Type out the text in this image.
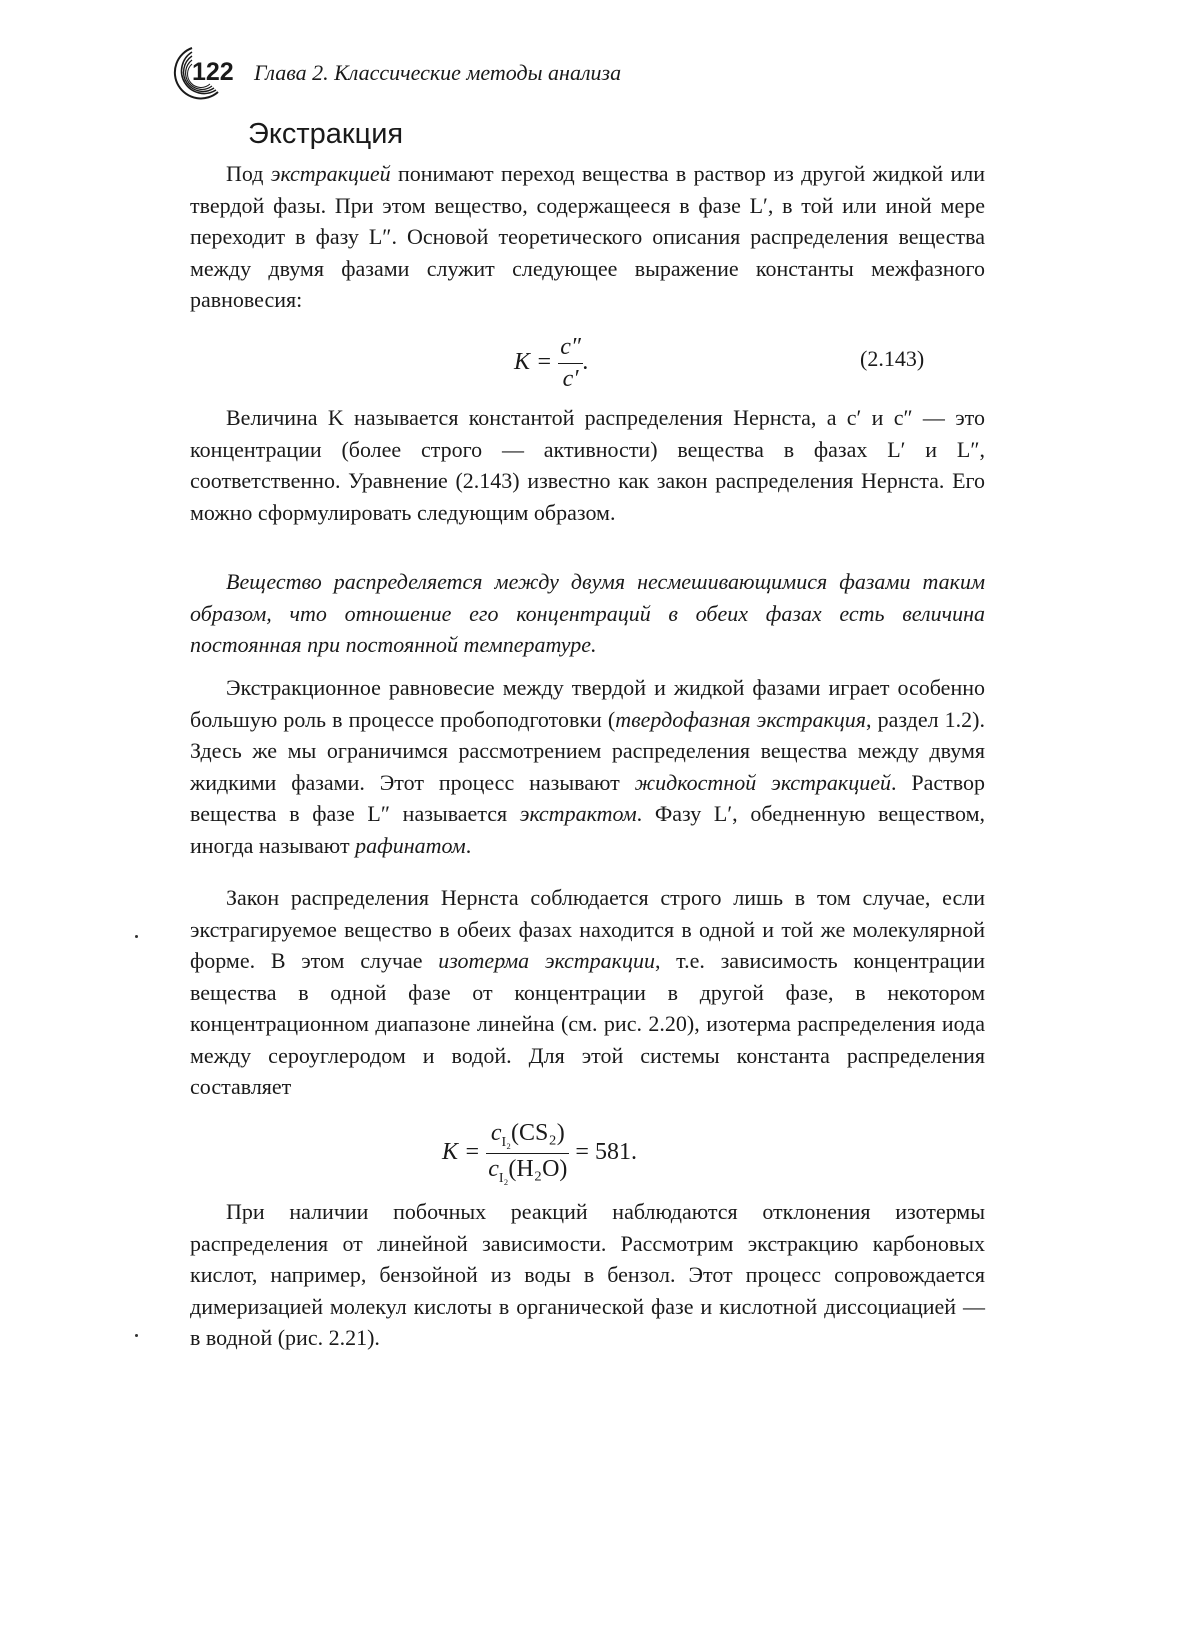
122 Глава 2. Классические методы анализа
Экстракция
Под экстракцией понимают переход вещества в раствор из другой жидкой или твердой фазы. При этом вещество, содержащееся в фазе L′, в той или иной мере переходит в фазу L″. Основой теоретического описания распределения вещества между двумя фазами служит следующее выражение константы межфазного равновесия:
$K = \frac{c''}{c'}$ .	(2.143)
Величина K называется константой распределения Нернста, а c′ и c″ — это концентрации (более строго — активности) вещества в фазах L′ и L″, соответственно. Уравнение (2.143) известно как закон распределения Нернста. Его можно сформулировать следующим образом.
Вещество распределяется между двумя несмешивающимися фазами таким образом, что отношение его концентраций в обеих фазах есть величина постоянная при постоянной температуре.
Экстракционное равновесие между твердой и жидкой фазами играет особенно большую роль в процессе пробоподготовки (твердофазная экстракция, раздел 1.2). Здесь же мы ограничимся рассмотрением распределения вещества между двумя жидкими фазами. Этот процесс называют жидкостной экстракцией. Раствор вещества в фазе L″ называется экстрактом. Фазу L′, обедненную веществом, иногда называют рафинатом.
Закон распределения Нернста соблюдается строго лишь в том случае, если экстрагируемое вещество в обеих фазах находится в одной и той же молекулярной форме. В этом случае изотерма экстракции, т.е. зависимость концентрации вещества в одной фазе от концентрации в другой фазе, в некотором концентрационном диапазоне линейна (см. рис. 2.20), изотерма распределения иода между сероуглеродом и водой. Для этой системы константа распределения составляет
$K = \frac{c_{I_2}(CS_2)}{c_{I_2}(H_2O)} = 581$.
При наличии побочных реакций наблюдаются отклонения изотермы распределения от линейной зависимости. Рассмотрим экстракцию карбоновых кислот, например, бензойной из воды в бензол. Этот процесс сопровождается димеризацией молекул кислоты в органической фазе и кислотной диссоциацией — в водной (рис. 2.21).
